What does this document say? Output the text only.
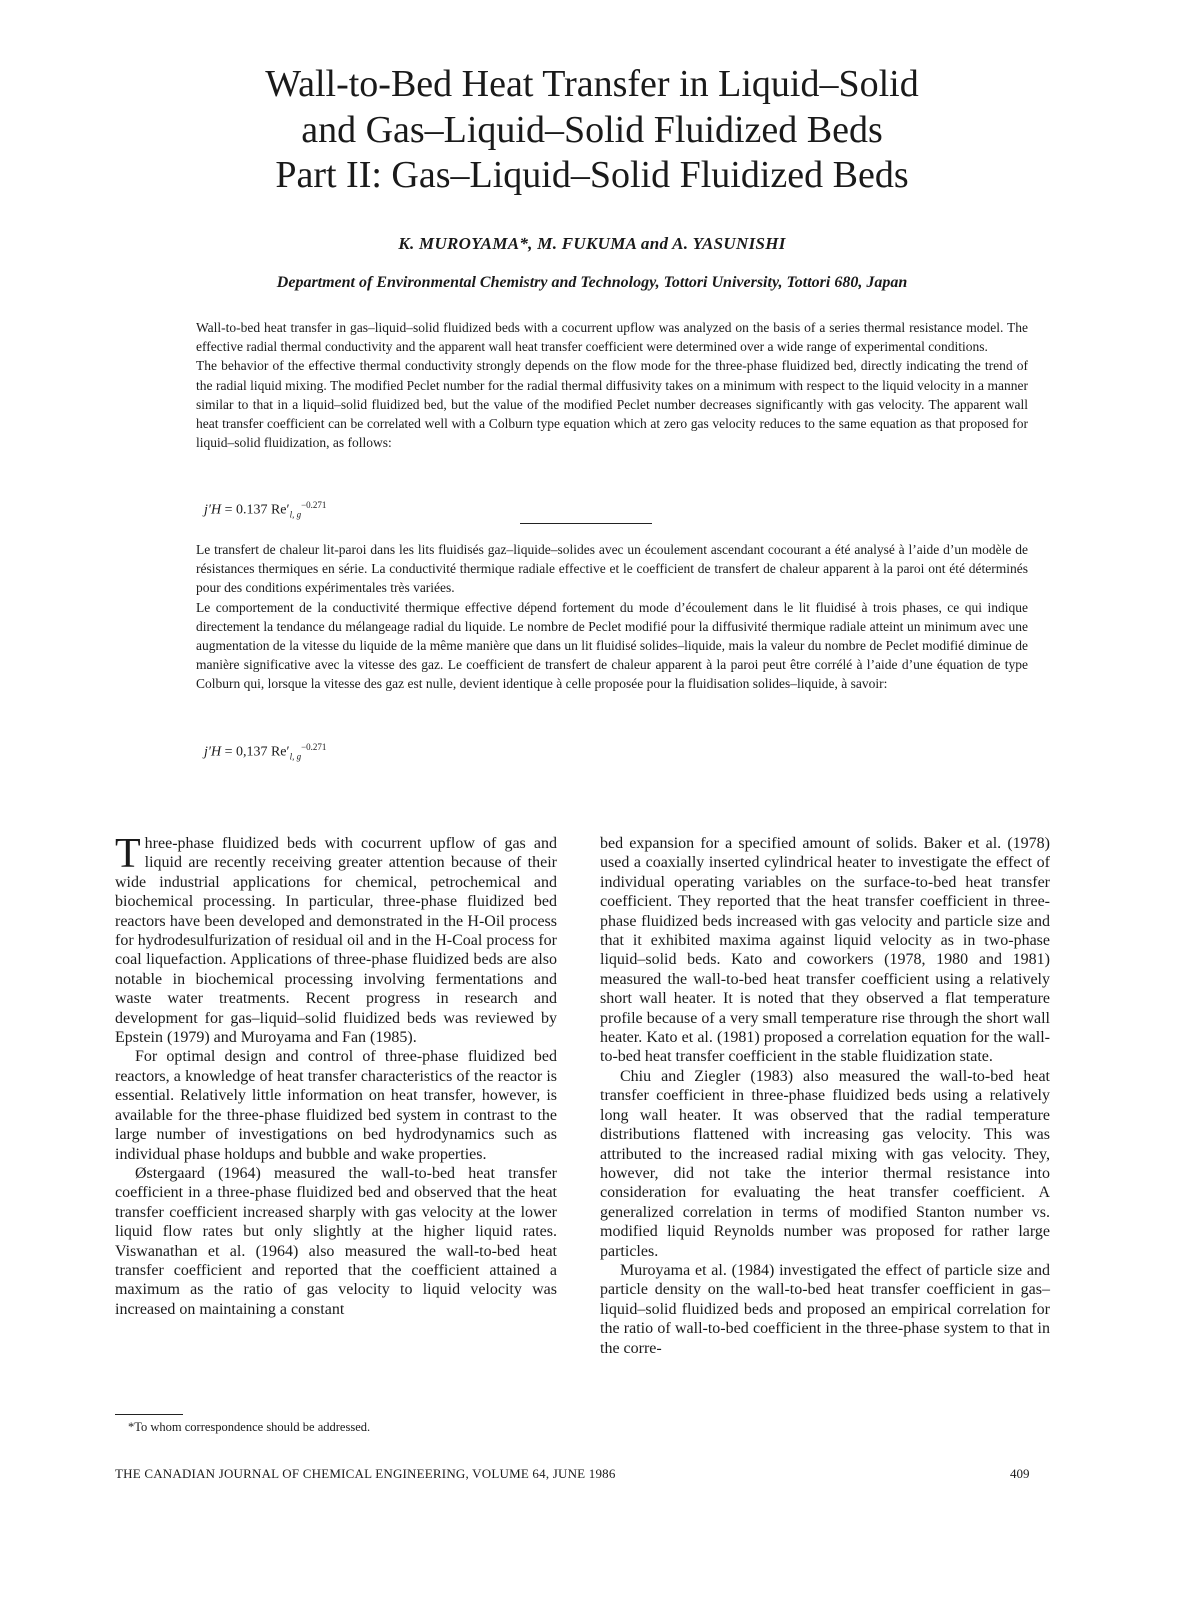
Wall-to-Bed Heat Transfer in Liquid–Solid
and Gas–Liquid–Solid Fluidized Beds
Part II: Gas–Liquid–Solid Fluidized Beds
K. MUROYAMA*, M. FUKUMA and A. YASUNISHI
Department of Environmental Chemistry and Technology, Tottori University, Tottori 680, Japan

Wall-to-bed heat transfer in gas–liquid–solid fluidized beds with a cocurrent upflow was analyzed on the basis of a series thermal resistance model. The effective radial thermal conductivity and the apparent wall heat transfer coefficient were determined over a wide range of experimental conditions.

The behavior of the effective thermal conductivity strongly depends on the flow mode for the three-phase fluidized bed, directly indicating the trend of the radial liquid mixing. The modified Peclet number for the radial thermal diffusivity takes on a minimum with respect to the liquid velocity in a manner similar to that in a liquid–solid fluidized bed, but the value of the modified Peclet number decreases significantly with gas velocity. The apparent wall heat transfer coefficient can be correlated well with a Colburn type equation which at zero gas velocity reduces to the same equation as that proposed for liquid–solid fluidization, as follows:

j′H = 0.137 $Re'_{l, g}^{-0.271}$

Le transfert de chaleur lit-paroi dans les lits fluidisés gaz–liquide–solides avec un écoulement ascendant cocourant a été analysé à l’aide d’un modèle de résistances thermiques en série. La conductivité thermique radiale effective et le coefficient de transfert de chaleur apparent à la paroi ont été déterminés pour des conditions expérimentales très variées.

Le comportement de la conductivité thermique effective dépend fortement du mode d’écoulement dans le lit fluidisé à trois phases, ce qui indique directement la tendance du mélangeage radial du liquide. Le nombre de Peclet modifié pour la diffusivité thermique radiale atteint un minimum avec une augmentation de la vitesse du liquide de la même manière que dans un lit fluidisé solides–liquide, mais la valeur du nombre de Peclet modifié diminue de manière significative avec la vitesse des gaz. Le coefficient de transfert de chaleur apparent à la paroi peut être corrélé à l’aide d’une équation de type Colburn qui, lorsque la vitesse des gaz est nulle, devient identique à celle proposée pour la fluidisation solides–liquide, à savoir:

j′H = 0,137 $Re'_{l, g}^{-0.271}$

Three-phase fluidized beds with cocurrent upflow of gas and liquid are recently receiving greater attention because of their wide industrial applications for chemical, petrochemical and biochemical processing. In particular, three-phase fluidized bed reactors have been developed and demonstrated in the H-Oil process for hydrodesulfurization of residual oil and in the H-Coal process for coal liquefaction. Applications of three-phase fluidized beds are also notable in biochemical processing involving fermentations and waste water treatments. Recent progress in research and development for gas–liquid–solid fluidized beds was reviewed by Epstein (1979) and Muroyama and Fan (1985).

For optimal design and control of three-phase fluidized bed reactors, a knowledge of heat transfer characteristics of the reactor is essential. Relatively little information on heat transfer, however, is available for the three-phase fluidized bed system in contrast to the large number of investigations on bed hydrodynamics such as individual phase holdups and bubble and wake properties.

Østergaard (1964) measured the wall-to-bed heat transfer coefficient in a three-phase fluidized bed and observed that the heat transfer coefficient increased sharply with gas velocity at the lower liquid flow rates but only slightly at the higher liquid rates. Viswanathan et al. (1964) also measured the wall-to-bed heat transfer coefficient and reported that the coefficient attained a maximum as the ratio of gas velocity to liquid velocity was increased on maintaining a constant

bed expansion for a specified amount of solids. Baker et al. (1978) used a coaxially inserted cylindrical heater to investigate the effect of individual operating variables on the surface-to-bed heat transfer coefficient. They reported that the heat transfer coefficient in three-phase fluidized beds increased with gas velocity and particle size and that it exhibited maxima against liquid velocity as in two-phase liquid–solid beds. Kato and coworkers (1978, 1980 and 1981) measured the wall-to-bed heat transfer coefficient using a relatively short wall heater. It is noted that they observed a flat temperature profile because of a very small temperature rise through the short wall heater. Kato et al. (1981) proposed a correlation equation for the wall-to-bed heat transfer coefficient in the stable fluidization state.

Chiu and Ziegler (1983) also measured the wall-to-bed heat transfer coefficient in three-phase fluidized beds using a relatively long wall heater. It was observed that the radial temperature distributions flattened with increasing gas velocity. This was attributed to the increased radial mixing with gas velocity. They, however, did not take the interior thermal resistance into consideration for evaluating the heat transfer coefficient. A generalized correlation in terms of modified Stanton number vs. modified liquid Reynolds number was proposed for rather large particles.

Muroyama et al. (1984) investigated the effect of particle size and particle density on the wall-to-bed heat transfer coefficient in gas–liquid–solid fluidized beds and proposed an empirical correlation for the ratio of wall-to-bed coefficient in the three-phase system to that in the corre-

*To whom correspondence should be addressed.
THE CANADIAN JOURNAL OF CHEMICAL ENGINEERING, VOLUME 64, JUNE 1986	409
